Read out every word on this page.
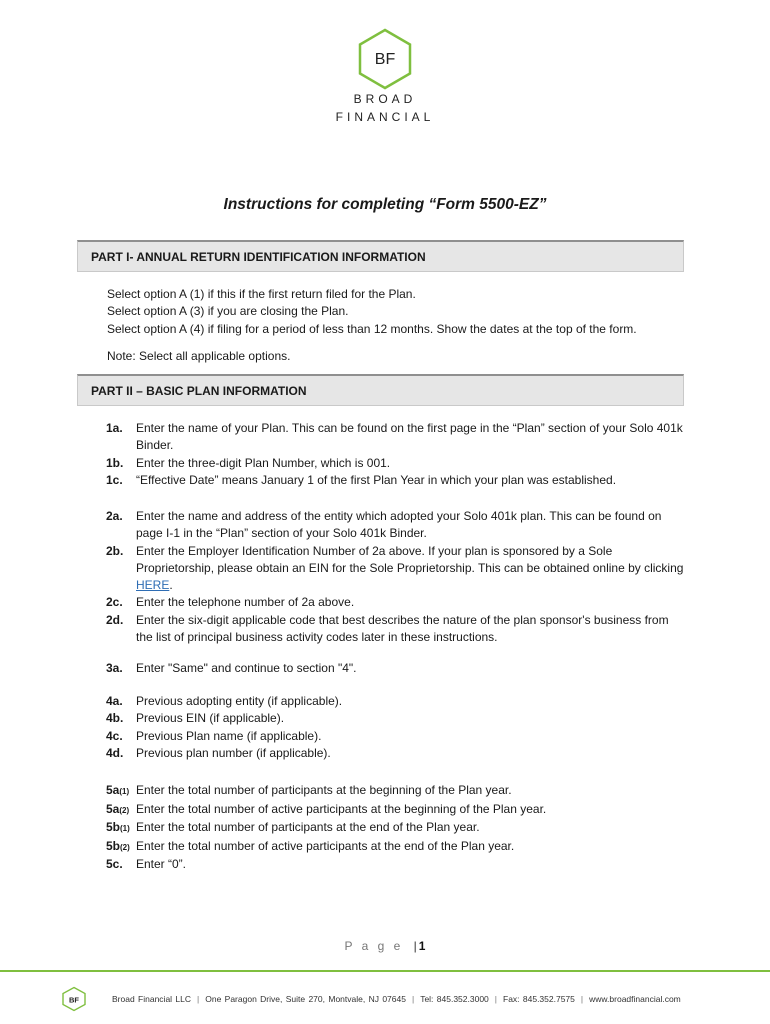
BF
BROAD
FINANCIAL
Instructions for completing “Form 5500-EZ”
PART I- ANNUAL RETURN IDENTIFICATION INFORMATION
Select option A (1) if this if the first return filed for the Plan.
Select option A (3) if you are closing the Plan.
Select option A (4) if filing for a period of less than 12 months. Show the dates at the top of the form.
Note: Select all applicable options.
PART II – BASIC PLAN INFORMATION
1a. Enter the name of your Plan. This can be found on the first page in the “Plan” section of your Solo 401k Binder.
1b. Enter the three-digit Plan Number, which is 001.
1c. “Effective Date” means January 1 of the first Plan Year in which your plan was established.
2a. Enter the name and address of the entity which adopted your Solo 401k plan. This can be found on page I-1 in the “Plan” section of your Solo 401k Binder.
2b. Enter the Employer Identification Number of 2a above. If your plan is sponsored by a Sole Proprietorship, please obtain an EIN for the Sole Proprietorship. This can be obtained online by clicking HERE.
2c. Enter the telephone number of 2a above.
2d. Enter the six-digit applicable code that best describes the nature of the plan sponsor's business from the list of principal business activity codes later in these instructions.
3a. Enter "Same" and continue to section "4".
4a. Previous adopting entity (if applicable).
4b. Previous EIN (if applicable).
4c. Previous Plan name (if applicable).
4d. Previous plan number (if applicable).
5a(1) Enter the total number of participants at the beginning of the Plan year.
5a(2) Enter the total number of active participants at the beginning of the Plan year.
5b(1) Enter the total number of participants at the end of the Plan year.
5b(2) Enter the total number of active participants at the end of the Plan year.
5c. Enter “0”.
P a g e | 1
BF	Broad Financial LLC | One Paragon Drive, Suite 270, Montvale, NJ 07645 | Tel: 845.352.3000 | Fax: 845.352.7575 | www.broadfinancial.com
